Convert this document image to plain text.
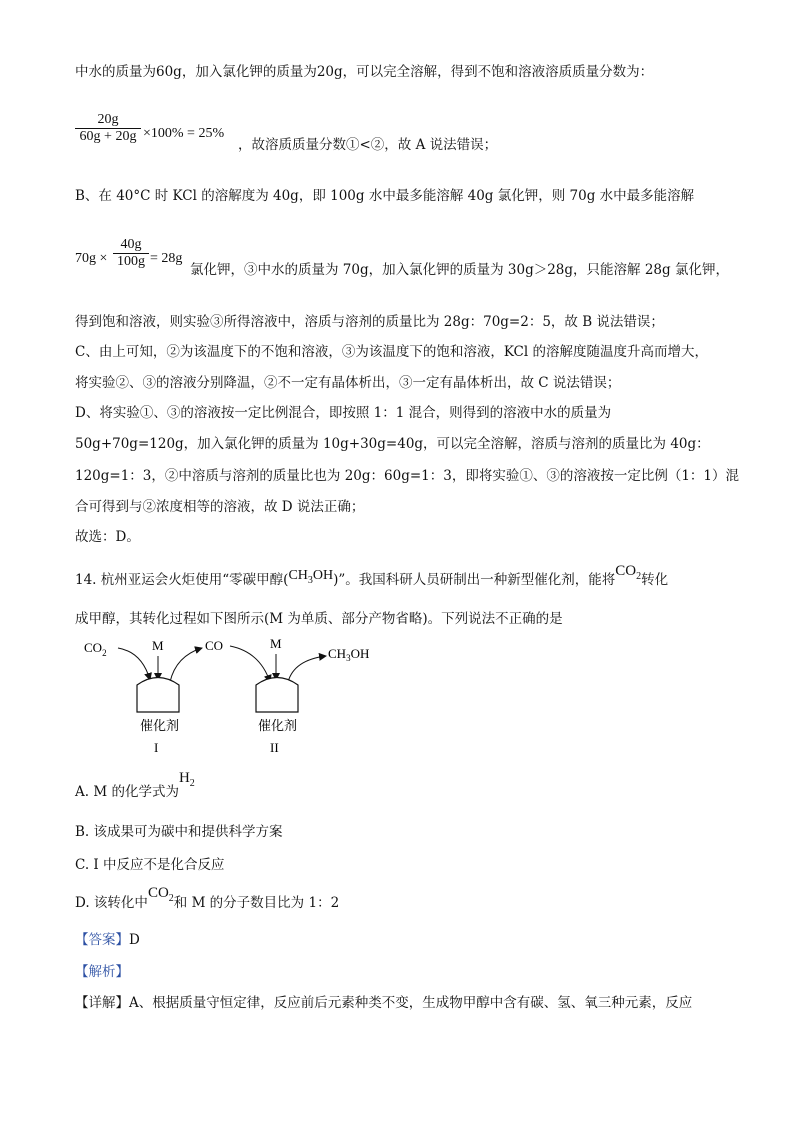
中水的质量为60g，加入氯化钾的质量为20g，可以完全溶解，得到不饱和溶液溶质质量分数为：
20g
60g + 20g ×100% = 25%
，故溶质质量分数①<②，故 A 说法错误；
B、在 40°C 时 KCl 的溶解度为 40g，即 100g 水中最多能溶解 40g 氯化钾，则 70g 水中最多能溶解
70g ×
40g
100g = 28g
氯化钾，③中水的质量为 70g，加入氯化钾的质量为 30g＞28g，只能溶解 28g 氯化钾，
得到饱和溶液，则实验③所得溶液中，溶质与溶剂的质量比为 28g：70g=2：5，故 B 说法错误；
C、由上可知，②为该温度下的不饱和溶液，③为该温度下的饱和溶液，KCl 的溶解度随温度升高而增大，
将实验②、③的溶液分别降温，②不一定有晶体析出，③一定有晶体析出，故 C 说法错误；
D、将实验①、③的溶液按一定比例混合，即按照 1：1 混合，则得到的溶液中水的质量为
50g+70g=120g，加入氯化钾的质量为 10g+30g=40g，可以完全溶解，溶质与溶剂的质量比为 40g：
120g=1：3，②中溶质与溶剂的质量比也为 20g：60g=1：3，即将实验①、③的溶液按一定比例（1：1）混
合可得到与②浓度相等的溶液，故 D 说法正确；
故选：D。
14. 杭州亚运会火炬使用“零碳甲醇$(CH_3OH)$”。我国科研人员研制出一种新型催化剂，能将$CO_2$转化
成甲醇，其转化过程如下图所示(M 为单质、部分产物省略)。下列说法不正确的是
$CO_2$	M	CO
催化剂
I
M
$CH_3OH$
催化剂
II
A. M 的化学式为$H_2$
B. 该成果可为碳中和提供科学方案
C. I 中反应不是化合反应
D. 该转化中$CO_2$和 M 的分子数目比为 1：2
【答案】D
【解析】
【详解】A、根据质量守恒定律，反应前后元素种类不变，生成物甲醇中含有碳、氢、氧三种元素，反应
